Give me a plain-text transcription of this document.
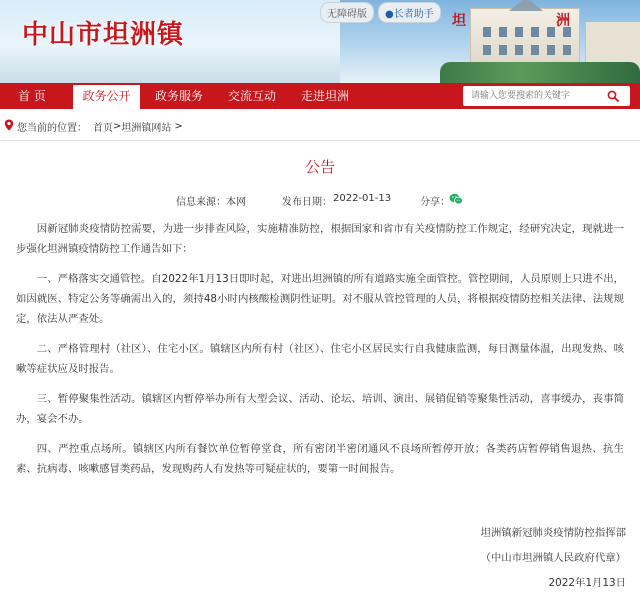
坦	洲
中山市坦洲镇
无障碍版	●长者助手
首 页	政务公开	政务服务	交流互动	走进坦洲
请输入您要搜索的关键字
您当前的位置： 首页 > 坦洲镇网站 >
公告
信息来源： 本网	发布日期： 2022-01-13	分享：

因新冠肺炎疫情防控需要，为进一步排查风险，实施精准防控，根据国家和省市有关疫情防控工作规定，经研究决定，现就进一步强化坦洲镇疫情防控工作通告如下：

一、严格落实交通管控。自2022年1月13日即时起，对进出坦洲镇的所有道路实施全面管控。管控期间，人员原则上只进不出，如因就医、特定公务等确需出入的，须持48小时内核酸检测阴性证明。对不服从管控管理的人员，将根据疫情防控相关法律、法规规定，依法从严查处。

二、严格管理村（社区）、住宅小区。镇辖区内所有村（社区）、住宅小区居民实行自我健康监测，每日测量体温，出现发热、咳嗽等症状应及时报告。

三、暂停聚集性活动。镇辖区内暂停举办所有大型会议、活动、论坛、培训、演出、展销促销等聚集性活动，喜事缓办，丧事简办，宴会不办。

四、严控重点场所。镇辖区内所有餐饮单位暂停堂食，所有密闭半密闭通风不良场所暂停开放；各类药店暂停销售退热、抗生素、抗病毒、咳嗽感冒类药品，发现购药人有发热等可疑症状的，要第一时间报告。

坦洲镇新冠肺炎疫情防控指挥部
（中山市坦洲镇人民政府代章）
2022年1月13日
